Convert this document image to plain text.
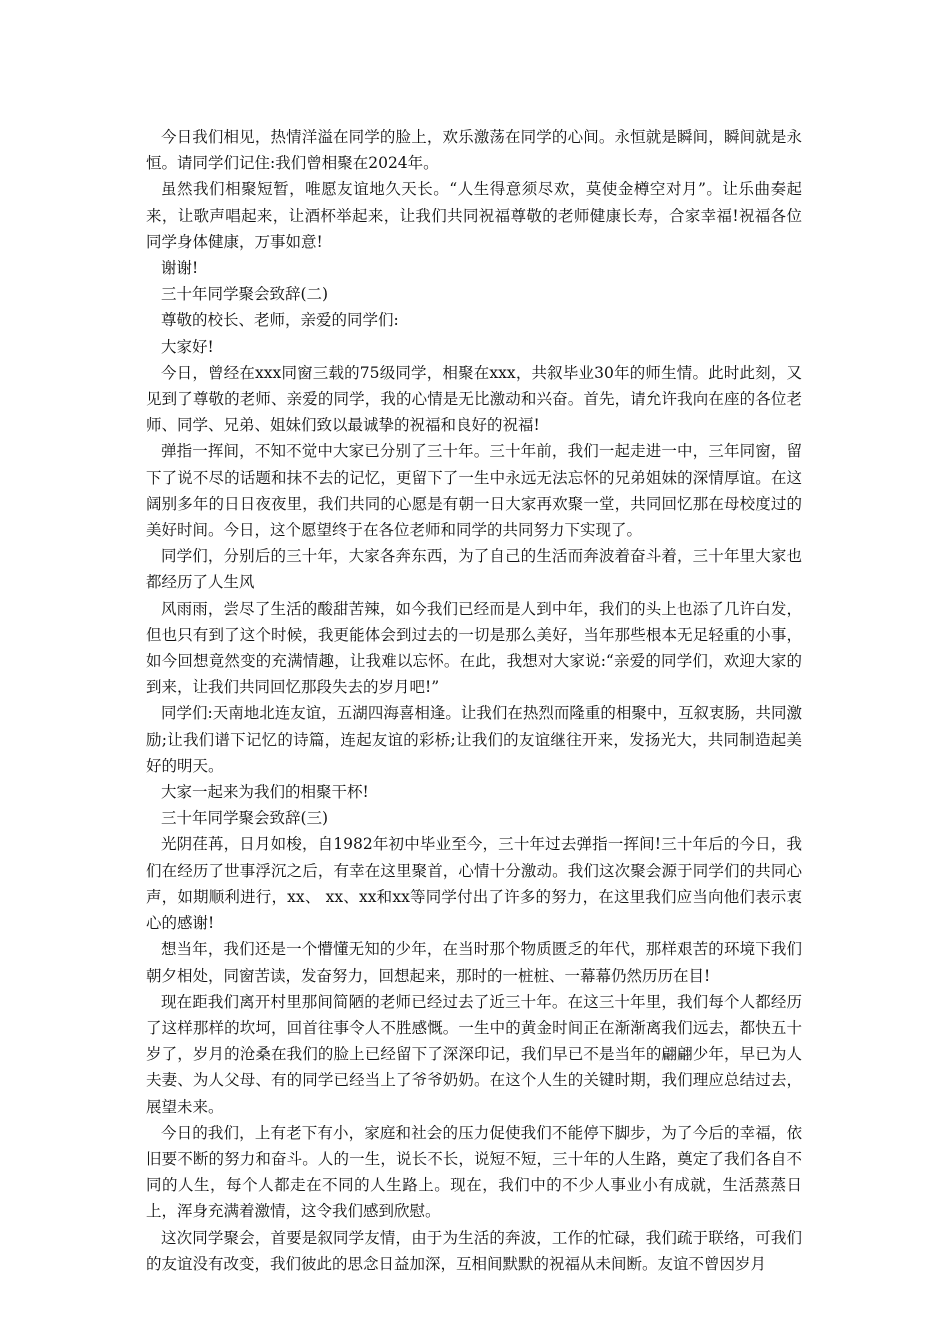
今日我们相见，热情洋溢在同学的脸上，欢乐激荡在同学的心间。永恒就是瞬间，瞬间就是永恒。请同学们记住:我们曾相聚在2024年。

虽然我们相聚短暂，唯愿友谊地久天长。“人生得意须尽欢，莫使金樽空对月”。让乐曲奏起来，让歌声唱起来，让酒杯举起来，让我们共同祝福尊敬的老师健康长寿，合家幸福!祝福各位同学身体健康，万事如意!

谢谢!

三十年同学聚会致辞(二)

尊敬的校长、老师，亲爱的同学们:

大家好!

今日，曾经在xxx同窗三载的75级同学，相聚在xxx，共叙毕业30年的师生情。此时此刻，又见到了尊敬的老师、亲爱的同学，我的心情是无比激动和兴奋。首先，请允许我向在座的各位老师、同学、兄弟、姐妹们致以最诚挚的祝福和良好的祝福!

弹指一挥间，不知不觉中大家已分别了三十年。三十年前，我们一起走进一中，三年同窗，留下了说不尽的话题和抹不去的记忆，更留下了一生中永远无法忘怀的兄弟姐妹的深情厚谊。在这阔别多年的日日夜夜里，我们共同的心愿是有朝一日大家再欢聚一堂，共同回忆那在母校度过的美好时间。今日，这个愿望终于在各位老师和同学的共同努力下实现了。

同学们，分别后的三十年，大家各奔东西，为了自己的生活而奔波着奋斗着，三十年里大家也都经历了人生风

风雨雨，尝尽了生活的酸甜苦辣，如今我们已经而是人到中年，我们的头上也添了几许白发，但也只有到了这个时候，我更能体会到过去的一切是那么美好，当年那些根本无足轻重的小事，如今回想竟然变的充满情趣，让我难以忘怀。在此，我想对大家说:“亲爱的同学们，欢迎大家的到来，让我们共同回忆那段失去的岁月吧!”

同学们:天南地北连友谊，五湖四海喜相逢。让我们在热烈而隆重的相聚中，互叙衷肠，共同激励;让我们谱下记忆的诗篇，连起友谊的彩桥;让我们的友谊继往开来，发扬光大，共同制造起美好的明天。

大家一起来为我们的相聚干杯!

三十年同学聚会致辞(三)

光阴荏苒，日月如梭，自1982年初中毕业至今，三十年过去弹指一挥间!三十年后的今日，我们在经历了世事浮沉之后，有幸在这里聚首，心情十分激动。我们这次聚会源于同学们的共同心声，如期顺利进行，xx、 xx、xx和xx等同学付出了许多的努力，在这里我们应当向他们表示衷心的感谢!

想当年，我们还是一个懵懂无知的少年，在当时那个物质匮乏的年代，那样艰苦的环境下我们朝夕相处，同窗苦读，发奋努力，回想起来，那时的一桩桩、一幕幕仍然历历在目!

现在距我们离开村里那间简陋的老师已经过去了近三十年。在这三十年里，我们每个人都经历了这样那样的坎坷，回首往事令人不胜感慨。一生中的黄金时间正在渐渐离我们远去，都快五十岁了，岁月的沧桑在我们的脸上已经留下了深深印记，我们早已不是当年的翩翩少年，早已为人夫妻、为人父母、有的同学已经当上了爷爷奶奶。在这个人生的关键时期，我们理应总结过去，展望未来。

今日的我们，上有老下有小，家庭和社会的压力促使我们不能停下脚步，为了今后的幸福，依旧要不断的努力和奋斗。人的一生，说长不长，说短不短，三十年的人生路，奠定了我们各自不同的人生，每个人都走在不同的人生路上。现在，我们中的不少人事业小有成就，生活蒸蒸日上，浑身充满着激情，这令我们感到欣慰。

这次同学聚会，首要是叙同学友情，由于为生活的奔波，工作的忙碌，我们疏于联络，可我们的友谊没有改变，我们彼此的思念日益加深，互相间默默的祝福从未间断。友谊不曾因岁月
